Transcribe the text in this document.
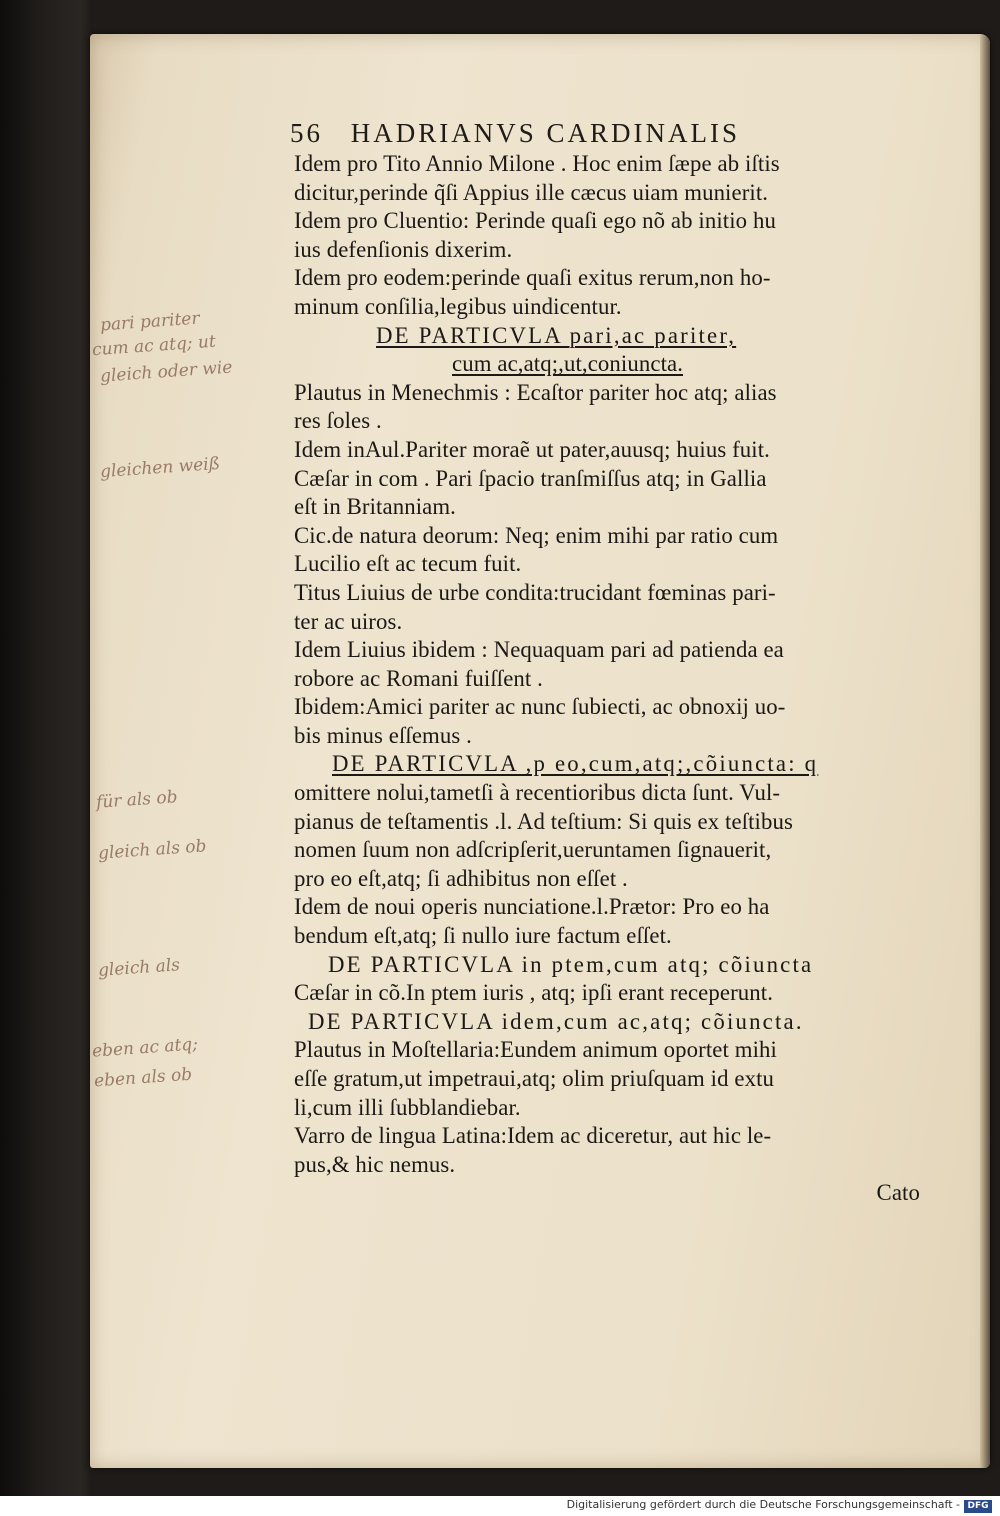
56 HADRIANVS CARDINALIS
Idem pro Tito Annio Milone . Hoc enim ſæpe ab iſtis
dicitur,perinde q̃ſi Appius ille cæcus uiam munierit.
Idem pro Cluentio: Perinde quaſi ego nõ ab initio hu
ius defenſionis dixerim.
Idem pro eodem:perinde quaſi exitus rerum,non ho-
minum conſilia,legibus uindicentur.
DE PARTICVLA pari,ac pariter,
cum ac,atq;,ut,coniuncta.
Plautus in Menechmis : Ecaſtor pariter hoc atq; alias
res ſoles .
Idem inAul.Pariter moraẽ ut pater,auusq; huius fuit.
Cæſar in com . Pari ſpacio tranſmiſſus atq; in Gallia
eſt in Britanniam.
Cic.de natura deorum: Neq; enim mihi par ratio cum
Lucilio eſt ac tecum fuit.
Titus Liuius de urbe condita:trucidant fœminas pari-
ter ac uiros.
Idem Liuius ibidem : Nequaquam pari ad patienda ea
robore ac Romani fuiſſent .
Ibidem:Amici pariter ac nunc ſubiecti, ac obnoxij uo-
bis minus eſſemus .
DE PARTICVLA ,p eo,cum,atq;,cõiuncta: q
omittere nolui,tametſi à recentioribus dicta ſunt. Vul-
pianus de teſtamentis .l. Ad teſtium: Si quis ex teſtibus
nomen ſuum non adſcripſerit,ueruntamen ſignauerit,
pro eo eſt,atq; ſi adhibitus non eſſet .
Idem de noui operis nunciatione.l.Prætor: Pro eo ha
bendum eſt,atq; ſi nullo iure factum eſſet.
DE PARTICVLA in ptem,cum atq; cõiuncta
Cæſar in cõ.In ptem iuris , atq; ipſi erant receperunt.
DE PARTICVLA idem,cum ac,atq; cõiuncta.
Plautus in Moſtellaria:Eundem animum oportet mihi
eſſe gratum,ut impetraui,atq; olim priuſquam id extu
li,cum illi ſubblandiebar.
Varro de lingua Latina:Idem ac diceretur, aut hic le-
pus,& hic nemus.
Cato
pari pariter
cum ac atq; ut
gleich oder wie
gleichen weiß
für als ob
gleich als ob
gleich als
eben ac atq;
eben als ob
Digitalisierung gefördert durch die Deutsche Forschungsgemeinschaft - DFG
